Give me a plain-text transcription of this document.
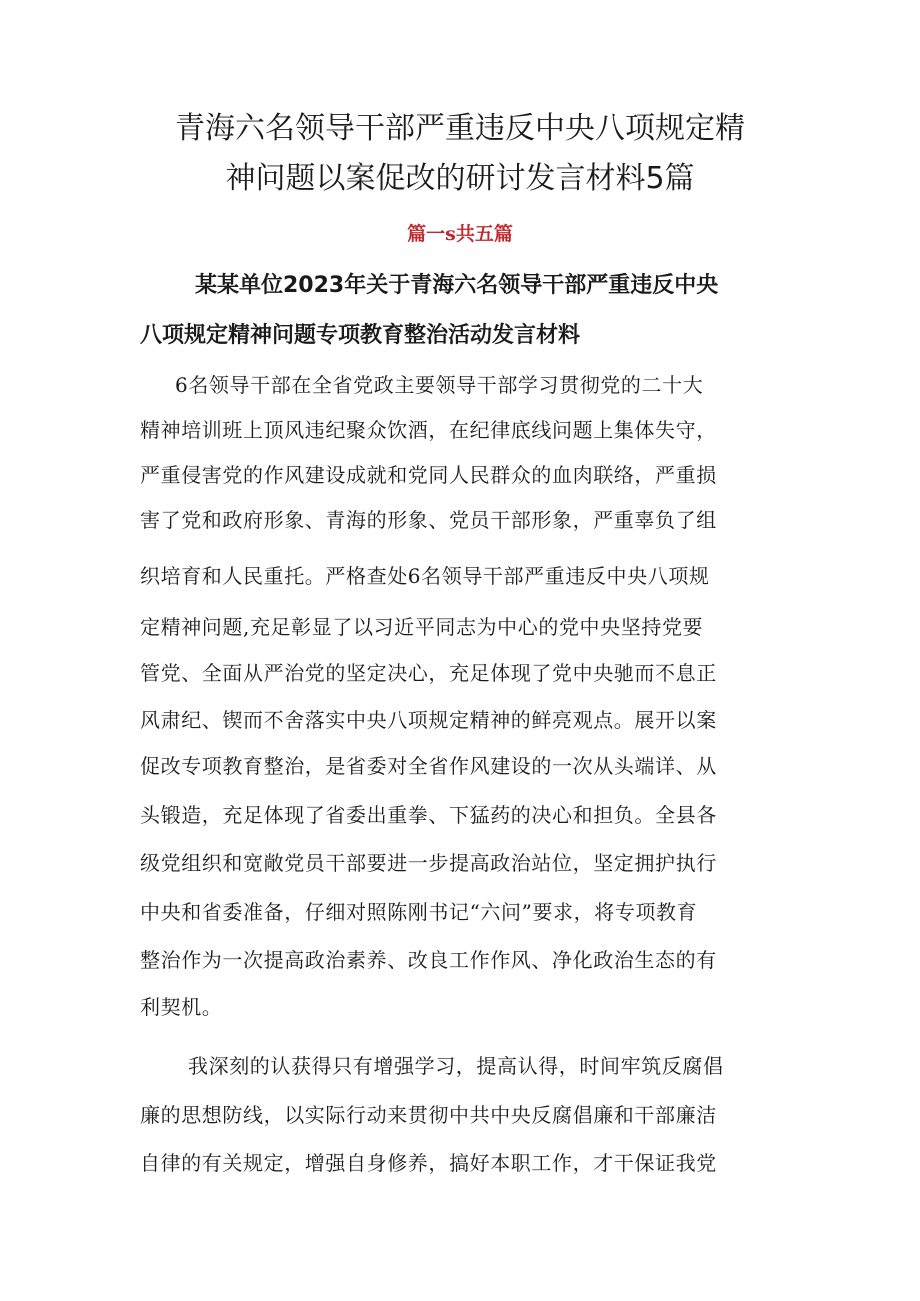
青海六名领导干部严重违反中央八项规定精
神问题以案促改的研讨发言材料5篇
篇一s共五篇
某某单位2023年关于青海六名领导干部严重违反中央
八项规定精神问题专项教育整治活动发言材料
6名领导干部在全省党政主要领导干部学习贯彻党的二十大
精神培训班上顶风违纪聚众饮酒，在纪律底线问题上集体失守，
严重侵害党的作风建设成就和党同人民群众的血肉联络，严重损
害了党和政府形象、青海的形象、党员干部形象，严重辜负了组
织培育和人民重托。严格查处6名领导干部严重违反中央八项规
定精神问题,充足彰显了以习近平同志为中心的党中央坚持党要
管党、全面从严治党的坚定决心，充足体现了党中央驰而不息正
风肃纪、锲而不舍落实中央八项规定精神的鲜亮观点。展开以案
促改专项教育整治，是省委对全省作风建设的一次从头端详、从
头锻造，充足体现了省委出重拳、下猛药的决心和担负。全县各
级党组织和宽敞党员干部要进一步提高政治站位，坚定拥护执行
中央和省委准备，仔细对照陈刚书记“六问”要求，将专项教育
整治作为一次提高政治素养、改良工作作风、净化政治生态的有
利契机。
我深刻的认获得只有增强学习，提高认得，时间牢筑反腐倡
廉的思想防线，以实际行动来贯彻中共中央反腐倡廉和干部廉洁
自律的有关规定，增强自身修养，搞好本职工作，才干保证我党
